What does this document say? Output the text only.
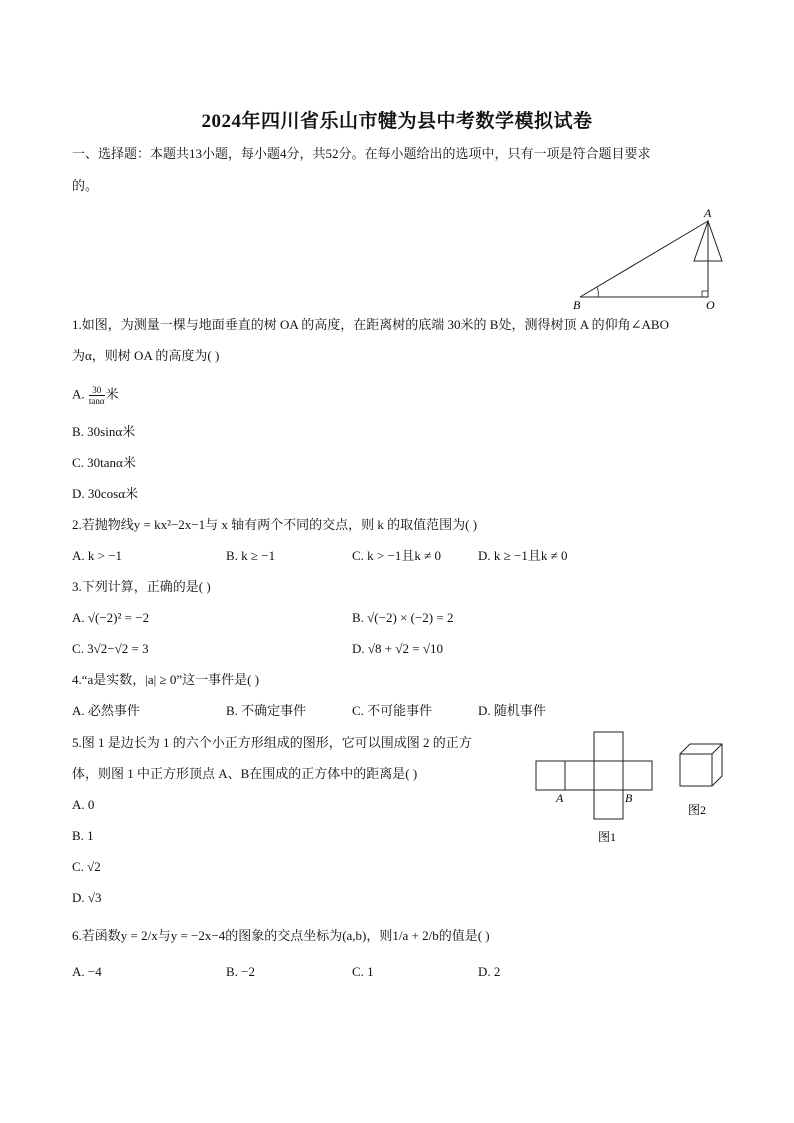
2024年四川省乐山市犍为县中考数学模拟试卷
一、选择题：本题共13小题，每小题4分，共52分。在每小题给出的选项中，只有一项是符合题目要求
的。
A
B	O
1.如图，为测量一棵与地面垂直的树 OA 的高度，在距离树的底端 30米的 B处，测得树顶 A 的仰角∠ABO
为α，则树 OA 的高度为( )
A. $\frac{30}{\tan\alpha}$ 米
B. 30sinα米
C. 30tanα米
D. 30cosα米
2.若抛物线y = kx²−2x−1与 x 轴有两个不同的交点，则 k 的取值范围为( )
A. k > −1	B. k ≥ −1	C. k > −1且k ≠ 0	D. k ≥ −1且k ≠ 0
3.下列计算，正确的是( )
A. √(−2)² = −2	B. √(−2) × (−2) = 2
C. 3√2−√2 = 3	D. √8 + √2 = √10
4.“a是实数，|a| ≥ 0”这一事件是( )
A. 必然事件	B. 不确定事件	C. 不可能事件	D. 随机事件
5.图 1 是边长为 1 的六个小正方形组成的图形，它可以围成图 2 的正方
体，则图 1 中正方形顶点 A、B在围成的正方体中的距离是( )
A	B
图1
图2
A. 0
B. 1
C. √2
D. √3
6.若函数y = 2/x与y = −2x−4的图象的交点坐标为(a,b)，则1/a + 2/b的值是( )
A. −4	B. −2	C. 1	D. 2
